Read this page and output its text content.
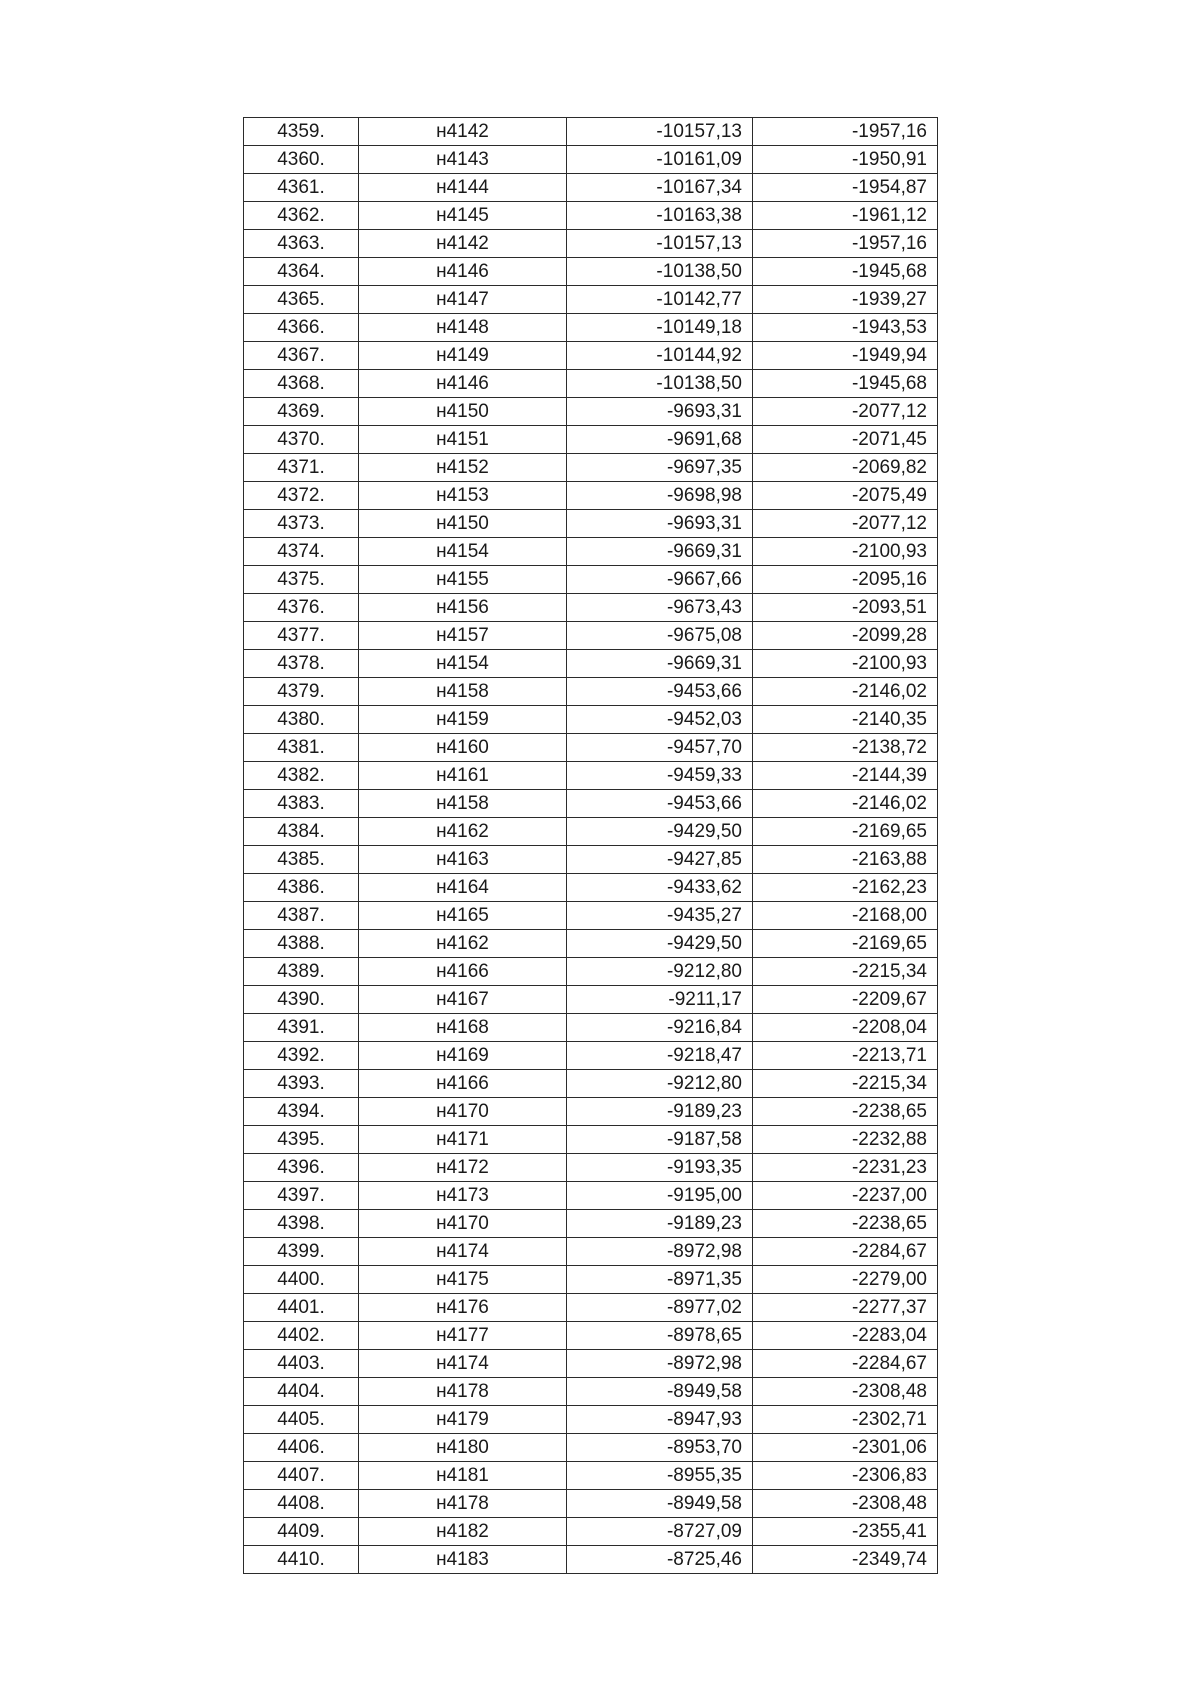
4359.	н4142	-10157,13	-1957,16
4360.	н4143	-10161,09	-1950,91
4361.	н4144	-10167,34	-1954,87
4362.	н4145	-10163,38	-1961,12
4363.	н4142	-10157,13	-1957,16
4364.	н4146	-10138,50	-1945,68
4365.	н4147	-10142,77	-1939,27
4366.	н4148	-10149,18	-1943,53
4367.	н4149	-10144,92	-1949,94
4368.	н4146	-10138,50	-1945,68
4369.	н4150	-9693,31	-2077,12
4370.	н4151	-9691,68	-2071,45
4371.	н4152	-9697,35	-2069,82
4372.	н4153	-9698,98	-2075,49
4373.	н4150	-9693,31	-2077,12
4374.	н4154	-9669,31	-2100,93
4375.	н4155	-9667,66	-2095,16
4376.	н4156	-9673,43	-2093,51
4377.	н4157	-9675,08	-2099,28
4378.	н4154	-9669,31	-2100,93
4379.	н4158	-9453,66	-2146,02
4380.	н4159	-9452,03	-2140,35
4381.	н4160	-9457,70	-2138,72
4382.	н4161	-9459,33	-2144,39
4383.	н4158	-9453,66	-2146,02
4384.	н4162	-9429,50	-2169,65
4385.	н4163	-9427,85	-2163,88
4386.	н4164	-9433,62	-2162,23
4387.	н4165	-9435,27	-2168,00
4388.	н4162	-9429,50	-2169,65
4389.	н4166	-9212,80	-2215,34
4390.	н4167	-9211,17	-2209,67
4391.	н4168	-9216,84	-2208,04
4392.	н4169	-9218,47	-2213,71
4393.	н4166	-9212,80	-2215,34
4394.	н4170	-9189,23	-2238,65
4395.	н4171	-9187,58	-2232,88
4396.	н4172	-9193,35	-2231,23
4397.	н4173	-9195,00	-2237,00
4398.	н4170	-9189,23	-2238,65
4399.	н4174	-8972,98	-2284,67
4400.	н4175	-8971,35	-2279,00
4401.	н4176	-8977,02	-2277,37
4402.	н4177	-8978,65	-2283,04
4403.	н4174	-8972,98	-2284,67
4404.	н4178	-8949,58	-2308,48
4405.	н4179	-8947,93	-2302,71
4406.	н4180	-8953,70	-2301,06
4407.	н4181	-8955,35	-2306,83
4408.	н4178	-8949,58	-2308,48
4409.	н4182	-8727,09	-2355,41
4410.	н4183	-8725,46	-2349,74
